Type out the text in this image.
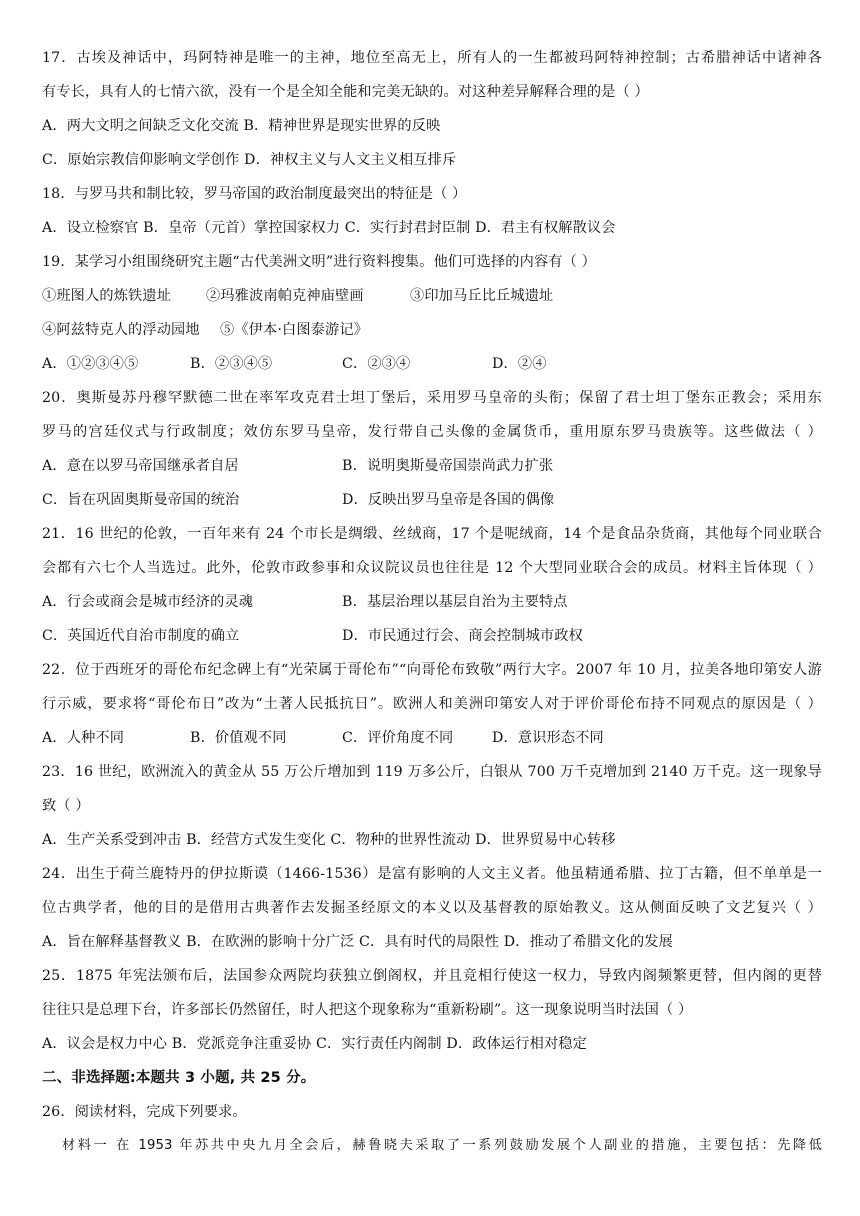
17．古埃及神话中，玛阿特神是唯一的主神，地位至高无上，所有人的一生都被玛阿特神控制；古希腊神话中诸神各
有专长，具有人的七情六欲，没有一个是全知全能和完美无缺的。对这种差异解释合理的是（ ）
A．两大文明之间缺乏文化交流 B．精神世界是现实世界的反映
C．原始宗教信仰影响文学创作 D．神权主义与人文主义相互排斥
18．与罗马共和制比较，罗马帝国的政治制度最突出的特征是（ ）
A．设立检察官 B．皇帝（元首）掌控国家权力 C．实行封君封臣制 D．君主有权解散议会
19．某学习小组围绕研究主题“古代美洲文明”进行资料搜集。他们可选择的内容有（ ）
①班图人的炼铁遗址 ②玛雅波南帕克神庙壁画	③印加马丘比丘城遗址
④阿兹特克人的浮动园地 ⑤《伊本·白图泰游记》
A．①②③④⑤	B．②③④⑤	C．②③④	D．②④
20．奥斯曼苏丹穆罕默德二世在率军攻克君士坦丁堡后，采用罗马皇帝的头衔；保留了君士坦丁堡东正教会；采用东
罗马的宫廷仪式与行政制度；效仿东罗马皇帝，发行带自己头像的金属货币，重用原东罗马贵族等。这些做法（ ）
A．意在以罗马帝国继承者自居	B．说明奥斯曼帝国崇尚武力扩张
C．旨在巩固奥斯曼帝国的统治	D．反映出罗马皇帝是各国的偶像
21．16 世纪的伦敦，一百年来有 24 个市长是绸缎、丝绒商，17 个是呢绒商，14 个是食品杂货商，其他每个同业联合
会都有六七个人当选过。此外，伦敦市政参事和众议院议员也往往是 12 个大型同业联合会的成员。材料主旨体现（ ）
A．行会或商会是城市经济的灵魂	B．基层治理以基层自治为主要特点
C．英国近代自治市制度的确立	D．市民通过行会、商会控制城市政权
22．位于西班牙的哥伦布纪念碑上有“光荣属于哥伦布”“向哥伦布致敬”两行大字。2007 年 10 月，拉美各地印第安人游
行示威，要求将“哥伦布日”改为“土著人民抵抗日”。欧洲人和美洲印第安人对于评价哥伦布持不同观点的原因是（ ）
A．人种不同	B．价值观不同	C．评价角度不同	D．意识形态不同
23．16 世纪，欧洲流入的黄金从 55 万公斤增加到 119 万多公斤，白银从 700 万千克增加到 2140 万千克。这一现象导
致（ ）
A．生产关系受到冲击 B．经营方式发生变化 C．物种的世界性流动 D．世界贸易中心转移
24．出生于荷兰鹿特丹的伊拉斯谟（1466-1536）是富有影响的人文主义者。他虽精通希腊、拉丁古籍，但不单单是一
位古典学者，他的目的是借用古典著作去发掘圣经原文的本义以及基督教的原始教义。这从侧面反映了文艺复兴（ ）
A．旨在解释基督教义 B．在欧洲的影响十分广泛 C．具有时代的局限性 D．推动了希腊文化的发展
25．1875 年宪法颁布后，法国参众两院均获独立倒阁权，并且竞相行使这一权力，导致内阁频繁更替，但内阁的更替
往往只是总理下台，许多部长仍然留任，时人把这个现象称为“重新粉刷”。这一现象说明当时法国（ ）
A．议会是权力中心 B．党派竞争注重妥协 C．实行责任内阁制 D．政体运行相对稳定
二、非选择题:本题共 3 小题, 共 25 分。
26．阅读材料，完成下列要求。
材料一 在 1953 年苏共中央九月全会后，赫鲁晓夫采取了一系列鼓励发展个人副业的措施，主要包括：先降低
